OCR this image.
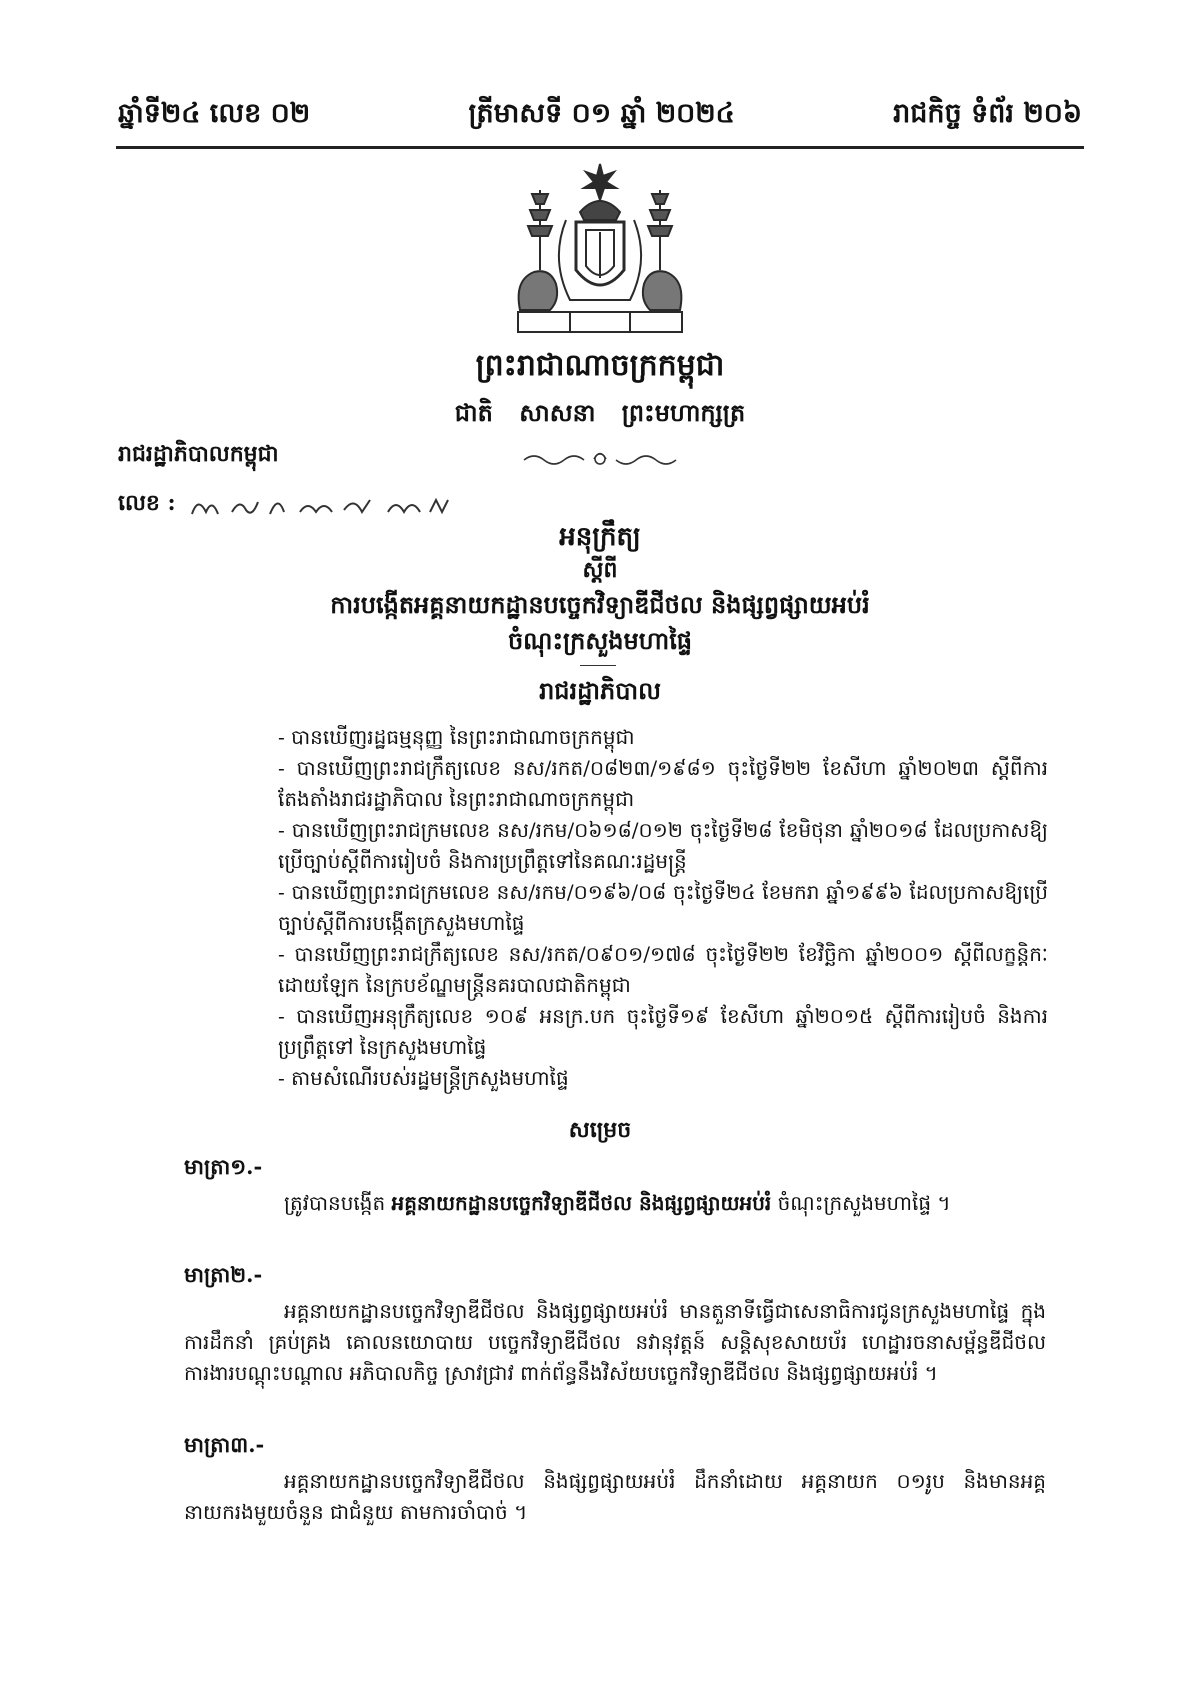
ឆ្នាំទី២៤ លេខ ០២	ត្រីមាសទី ០១ ឆ្នាំ ២០២៤	រាជកិច្ច ទំព័រ ២០៦
ព្រះរាជាណាចក្រកម្ពុជា
ជាតិ សាសនា ព្រះមហាក្សត្រ
រាជរដ្ឋាភិបាលកម្ពុជា
លេខ :
អនុក្រឹត្យ
ស្តីពី
ការបង្កើតអគ្គនាយកដ្ឋានបច្ចេកវិទ្យាឌីជីថល និងផ្សព្វផ្សាយអប់រំ
ចំណុះក្រសួងមហាផ្ទៃ
រាជរដ្ឋាភិបាល
- បានឃើញរដ្ឋធម្មនុញ្ញ នៃព្រះរាជាណាចក្រកម្ពុជា
- បានឃើញព្រះរាជក្រឹត្យលេខ នស/រកត/០៨២៣/១៩៨១ ចុះថ្ងៃទី២២ ខែសីហា ឆ្នាំ២០២៣ ស្តីពីការតែងតាំងរាជរដ្ឋាភិបាល នៃព្រះរាជាណាចក្រកម្ពុជា
- បានឃើញព្រះរាជក្រមលេខ នស/រកម/០៦១៨/០១២ ចុះថ្ងៃទី២៨ ខែមិថុនា ឆ្នាំ២០១៨ ដែលប្រកាសឱ្យប្រើច្បាប់ស្តីពីការរៀបចំ និងការប្រព្រឹត្តទៅនៃគណៈរដ្ឋមន្ត្រី
- បានឃើញព្រះរាជក្រមលេខ នស/រកម/០១៩៦/០៨ ចុះថ្ងៃទី២៤ ខែមករា ឆ្នាំ១៩៩៦ ដែលប្រកាសឱ្យប្រើច្បាប់ស្តីពីការបង្កើតក្រសួងមហាផ្ទៃ
- បានឃើញព្រះរាជក្រឹត្យលេខ នស/រកត/០៩០១/១៧៨ ចុះថ្ងៃទី២២ ខែវិច្ឆិកា ឆ្នាំ២០០១ ស្តីពីលក្ខន្តិកៈដោយឡែក នៃក្របខ័ណ្ឌមន្ត្រីនគរបាលជាតិកម្ពុជា
- បានឃើញអនុក្រឹត្យលេខ ១០៩ អនក្រ.បក ចុះថ្ងៃទី១៩ ខែសីហា ឆ្នាំ២០១៥ ស្តីពីការរៀបចំ និងការប្រព្រឹត្តទៅ នៃក្រសួងមហាផ្ទៃ
- តាមសំណើរបស់រដ្ឋមន្ត្រីក្រសួងមហាផ្ទៃ
សម្រេច
មាត្រា១.-
ត្រូវបានបង្កើត អគ្គនាយកដ្ឋានបច្ចេកវិទ្យាឌីជីថល និងផ្សព្វផ្សាយអប់រំ ចំណុះក្រសួងមហាផ្ទៃ ។
មាត្រា២.-
អគ្គនាយកដ្ឋានបច្ចេកវិទ្យាឌីជីថល និងផ្សព្វផ្សាយអប់រំ មានតួនាទីធ្វើជាសេនាធិការជូនក្រសួងមហាផ្ទៃ ក្នុងការដឹកនាំ គ្រប់គ្រង គោលនយោបាយ បច្ចេកវិទ្យាឌីជីថល នវានុវត្តន៍ សន្តិសុខសាយប័រ ហេដ្ឋារចនាសម្ព័ន្ធឌីជីថល ការងារបណ្តុះបណ្តាល អភិបាលកិច្ច ស្រាវជ្រាវ ពាក់ព័ន្ធនឹងវិស័យបច្ចេកវិទ្យាឌីជីថល និងផ្សព្វផ្សាយអប់រំ ។
មាត្រា៣.-
អគ្គនាយកដ្ឋានបច្ចេកវិទ្យាឌីជីថល និងផ្សព្វផ្សាយអប់រំ ដឹកនាំដោយ អគ្គនាយក ០១រូប និងមានអគ្គនាយករងមួយចំនួន ជាជំនួយ តាមការចាំបាច់ ។
